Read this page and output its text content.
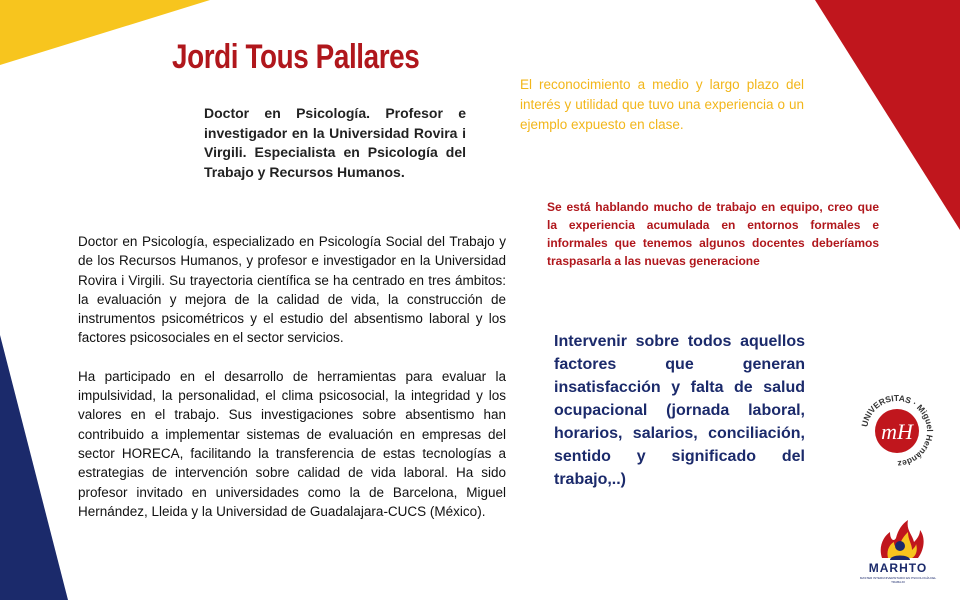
Jordi Tous Pallares
Doctor en Psicología. Profesor e investigador en la Universidad Rovira i Virgili. Especialista en Psicología del Trabajo y Recursos Humanos.

Doctor en Psicología, especializado en Psicología Social del Trabajo y de los Recursos Humanos, y profesor e investigador en la Universidad Rovira i Virgili. Su trayectoria científica se ha centrado en tres ámbitos: la evaluación y mejora de la calidad de vida, la construcción de instrumentos psicométricos y el estudio del absentismo laboral y los factores psicosociales en el sector servicios.

Ha participado en el desarrollo de herramientas para evaluar la impulsividad, la personalidad, el clima psicosocial, la integridad y los valores en el trabajo. Sus investigaciones sobre absentismo han contribuido a implementar sistemas de evaluación en empresas del sector HORECA, facilitando la transferencia de estas tecnologías a estrategias de intervención sobre calidad de vida laboral. Ha sido profesor invitado en universidades como la de Barcelona, Miguel Hernández, Lleida y la Universidad de Guadalajara-CUCS (México).

El reconocimiento a medio y largo plazo del interés y utilidad que tuvo una experiencia o un ejemplo expuesto en clase.
Se está hablando mucho de trabajo en equipo, creo que la experiencia acumulada en entornos formales e informales que tenemos algunos docentes deberíamos traspasarla a las nuevas generacione
Intervenir sobre todos aquellos factores que generan insatisfacción y falta de salud ocupacional (jornada laboral, horarios, salarios, conciliación, sentido y significado del trabajo,..)
mH
UNIVERSITAS · Miguel Hernández
MARHTO
MASTER INTERUNIVERSITARIO EN PSICOLOGÍA DEL TRABAJO
